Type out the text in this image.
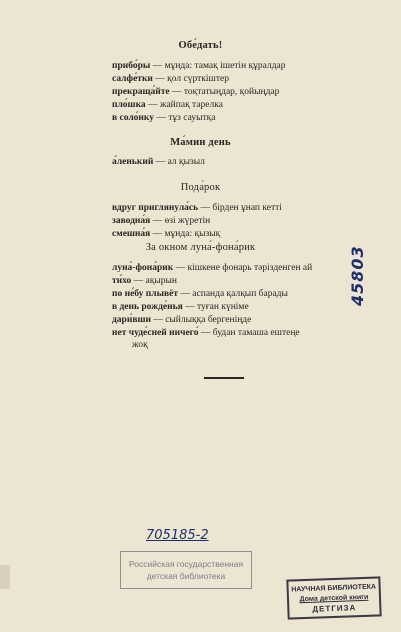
Обе́дать!
прибо́ры — мұнда: тамақ ішетін құралдар
салфе́тки — қол сүрткіштер
прекраща́йте — тоқтатыңдар, қойыңдар
пло́шка — жайпақ тарелка
в соло́нку — тұз сауытқа
Ма́мин день
а́ленький — ал қызыл
Пода́рок
вдруг приглянула́сь — бірден ұнап кетті
заводна́я — өзі жүретін
смешна́я — мұнда: қызық
За окном луна́-фона́рик
луна́-фона́рик — кішкене фонарь тәрізденген ай
ти́хо — ақырын
по не́бу плывёт — аспанда қалқып барады
в день рожде́нья — туған күніме
дари́вши — сыйлыққа бергеніңде
нет чуде́сней ничего́ — будан тамаша ештеңе
жоқ
45803
705185-2
Российская государственная
детская библиотека
НАУЧНАЯ БИБЛИОТЕКА
Дома детской книги
ДЕТГИЗА
